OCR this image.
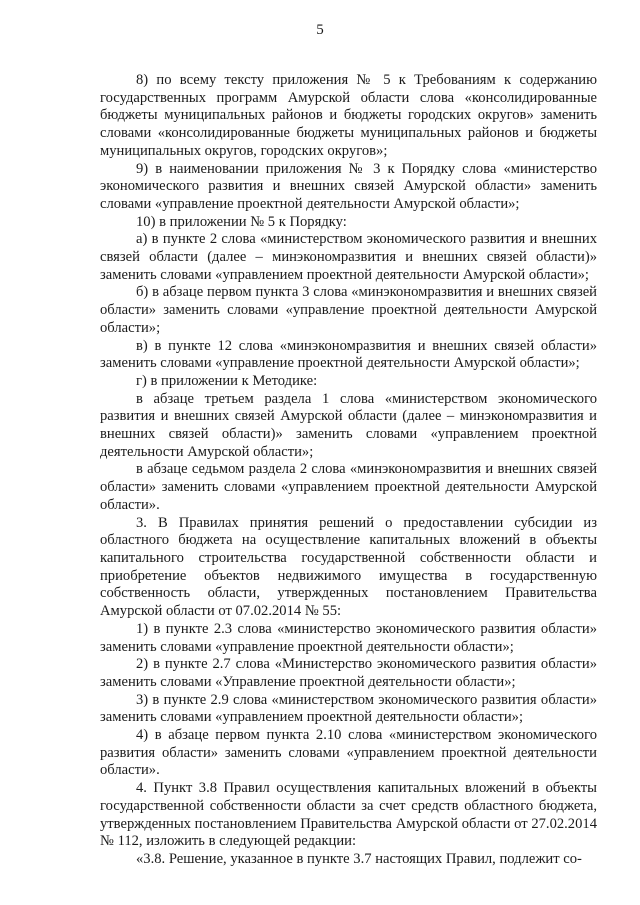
5

8) по всему тексту приложения № 5 к Требованиям к содержанию государственных программ Амурской области слова «консолидированные бюджеты муниципальных районов и бюджеты городских округов» заменить словами «консолидированные бюджеты муниципальных районов и бюджеты муниципальных округов, городских округов»;

9) в наименовании приложения № 3 к Порядку слова «министерство экономического развития и внешних связей Амурской области» заменить словами «управление проектной деятельности Амурской области»;

10) в приложении № 5 к Порядку:

а) в пункте 2 слова «министерством экономического развития и внешних связей области (далее – минэкономразвития и внешних связей области)» заменить словами «управлением проектной деятельности Амурской области»;

б) в абзаце первом пункта 3 слова «минэкономразвития и внешних связей области» заменить словами «управление проектной деятельности Амурской области»;

в) в пункте 12 слова «минэкономразвития и внешних связей области» заменить словами «управление проектной деятельности Амурской области»;

г) в приложении к Методике:

в абзаце третьем раздела 1 слова «министерством экономического развития и внешних связей Амурской области (далее – минэкономразвития и внешних связей области)» заменить словами «управлением проектной деятельности Амурской области»;

в абзаце седьмом раздела 2 слова «минэкономразвития и внешних связей области» заменить словами «управлением проектной деятельности Амурской области».

3. В Правилах принятия решений о предоставлении субсидии из областного бюджета на осуществление капитальных вложений в объекты капитального строительства государственной собственности области и приобретение объектов недвижимого имущества в государственную собственность области, утвержденных постановлением Правительства Амурской области от 07.02.2014 № 55:

1) в пункте 2.3 слова «министерство экономического развития области» заменить словами «управление проектной деятельности области»;

2) в пункте 2.7 слова «Министерство экономического развития области» заменить словами «Управление проектной деятельности области»;

3) в пункте 2.9 слова «министерством экономического развития области» заменить словами «управлением проектной деятельности области»;

4) в абзаце первом пункта 2.10 слова «министерством экономического развития области» заменить словами «управлением проектной деятельности области».

4. Пункт 3.8 Правил осуществления капитальных вложений в объекты государственной собственности области за счет средств областного бюджета, утвержденных постановлением Правительства Амурской области от 27.02.2014 № 112, изложить в следующей редакции:

«3.8. Решение, указанное в пункте 3.7 настоящих Правил, подлежит со-
